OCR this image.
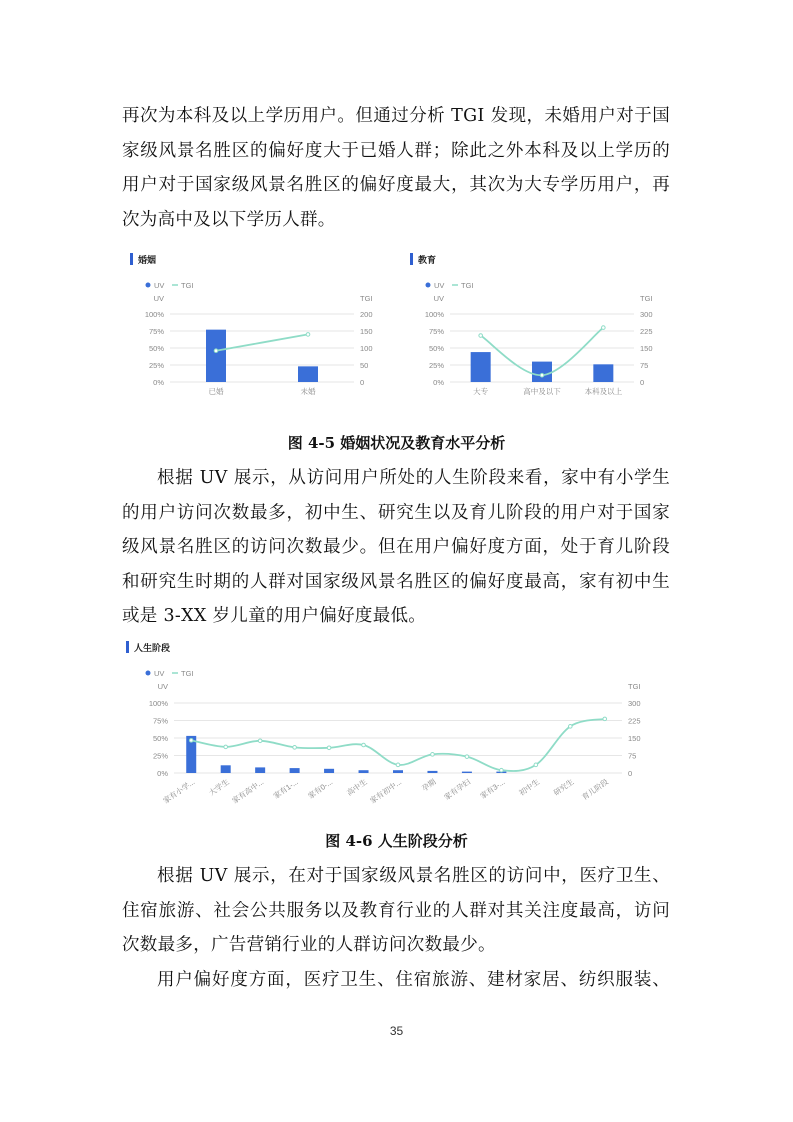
再次为本科及以上学历用户。但通过分析 TGI 发现，未婚用户对于国
家级风景名胜区的偏好度大于已婚人群；除此之外本科及以上学历的
用户对于国家级风景名胜区的偏好度最大，其次为大专学历用户，再
次为高中及以下学历人群。
婚姻
UV TGI
UV	TGI
100%	200
75%	150
50%	100
25%	50
0%	0
已婚	未婚
教育
UV TGI
UV	TGI
100%	300
75%	225
50%	150
25%	75
0%	0
大专	高中及以下	本科及以上
图 4-5 婚姻状况及教育水平分析
根据 UV 展示，从访问用户所处的人生阶段来看，家中有小学生
的用户访问次数最多，初中生、研究生以及育儿阶段的用户对于国家
级风景名胜区的访问次数最少。但在用户偏好度方面，处于育儿阶段
和研究生时期的人群对国家级风景名胜区的偏好度最高，家有初中生
或是 3-XX 岁儿童的用户偏好度最低。
人生阶段
UV TGI
UV	TGI
100%	300
75%	225
50%	150
25%	75
0%	0
家有小学... 大学生 家有高中... 家有1-... 家有0-... 高中生 家有初中... 孕期 家有孕妇 家有3-... 初中生 研究生 育儿阶段
图 4-6 人生阶段分析
根据 UV 展示，在对于国家级风景名胜区的访问中，医疗卫生、
住宿旅游、社会公共服务以及教育行业的人群对其关注度最高，访问
次数最多，广告营销行业的人群访问次数最少。
用户偏好度方面，医疗卫生、住宿旅游、建材家居、纺织服装、
35
